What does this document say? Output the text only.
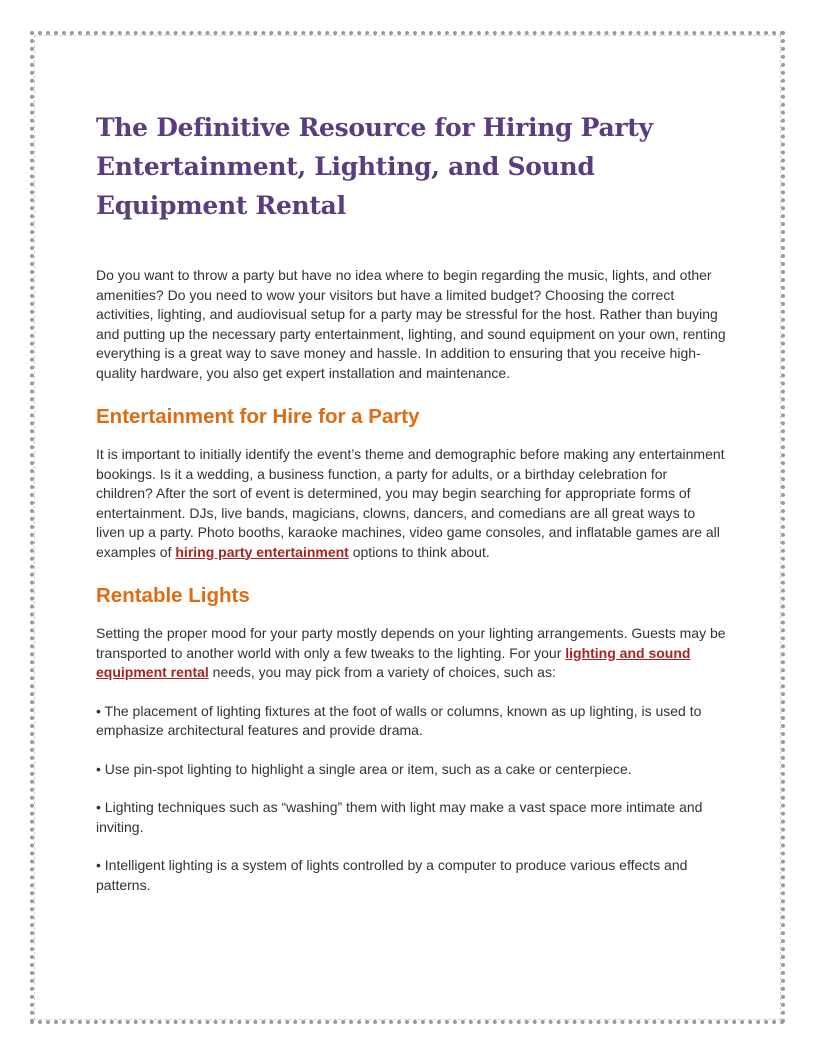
The Definitive Resource for Hiring Party Entertainment, Lighting, and Sound Equipment Rental

Do you want to throw a party but have no idea where to begin regarding the music, lights, and other amenities? Do you need to wow your visitors but have a limited budget? Choosing the correct activities, lighting, and audiovisual setup for a party may be stressful for the host. Rather than buying and putting up the necessary party entertainment, lighting, and sound equipment on your own, renting everything is a great way to save money and hassle. In addition to ensuring that you receive high-quality hardware, you also get expert installation and maintenance.

Entertainment for Hire for a Party

It is important to initially identify the event’s theme and demographic before making any entertainment bookings. Is it a wedding, a business function, a party for adults, or a birthday celebration for children? After the sort of event is determined, you may begin searching for appropriate forms of entertainment. DJs, live bands, magicians, clowns, dancers, and comedians are all great ways to liven up a party. Photo booths, karaoke machines, video game consoles, and inflatable games are all examples of hiring party entertainment options to think about.

Rentable Lights

Setting the proper mood for your party mostly depends on your lighting arrangements. Guests may be transported to another world with only a few tweaks to the lighting. For your lighting and sound equipment rental needs, you may pick from a variety of choices, such as:

• The placement of lighting fixtures at the foot of walls or columns, known as up lighting, is used to emphasize architectural features and provide drama.

• Use pin-spot lighting to highlight a single area or item, such as a cake or centerpiece.

• Lighting techniques such as “washing” them with light may make a vast space more intimate and inviting.

• Intelligent lighting is a system of lights controlled by a computer to produce various effects and patterns.
